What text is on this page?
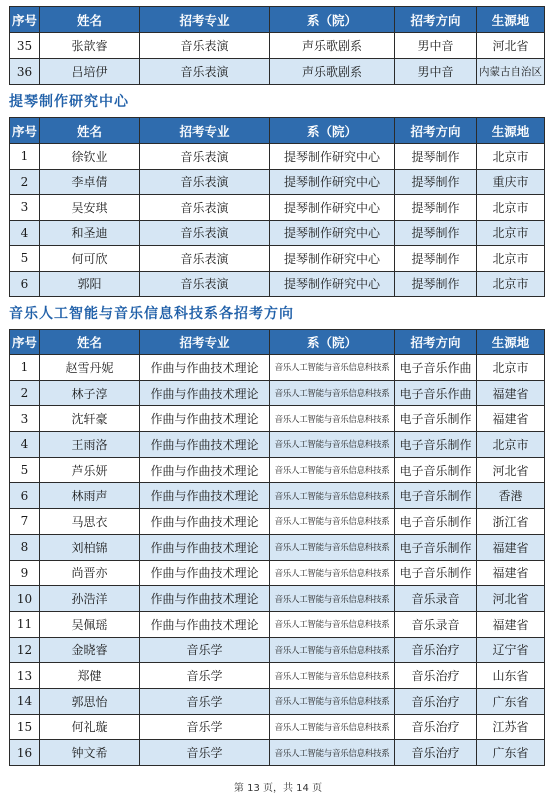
序号	姓名	招考专业	系（院）	招考方向	生源地
35	张歆睿	音乐表演	声乐歌剧系	男中音	河北省
36	吕培伊	音乐表演	声乐歌剧系	男中音	内蒙古自治区
提琴制作研究中心
序号	姓名	招考专业	系（院）	招考方向	生源地
1	徐钦业	音乐表演	提琴制作研究中心	提琴制作	北京市
2	李卓倩	音乐表演	提琴制作研究中心	提琴制作	重庆市
3	吴安琪	音乐表演	提琴制作研究中心	提琴制作	北京市
4	和圣迪	音乐表演	提琴制作研究中心	提琴制作	北京市
5	何可欣	音乐表演	提琴制作研究中心	提琴制作	北京市
6	郭阳	音乐表演	提琴制作研究中心	提琴制作	北京市
音乐人工智能与音乐信息科技系各招考方向
序号	姓名	招考专业	系（院）	招考方向	生源地
1	赵雪丹妮	作曲与作曲技术理论	音乐人工智能与音乐信息科技系	电子音乐作曲	北京市
2	林子淳	作曲与作曲技术理论	音乐人工智能与音乐信息科技系	电子音乐作曲	福建省
3	沈轩豪	作曲与作曲技术理论	音乐人工智能与音乐信息科技系	电子音乐制作	福建省
4	王雨洛	作曲与作曲技术理论	音乐人工智能与音乐信息科技系	电子音乐制作	北京市
5	芦乐妍	作曲与作曲技术理论	音乐人工智能与音乐信息科技系	电子音乐制作	河北省
6	林雨声	作曲与作曲技术理论	音乐人工智能与音乐信息科技系	电子音乐制作	香港
7	马思衣	作曲与作曲技术理论	音乐人工智能与音乐信息科技系	电子音乐制作	浙江省
8	刘柏锦	作曲与作曲技术理论	音乐人工智能与音乐信息科技系	电子音乐制作	福建省
9	尚晋亦	作曲与作曲技术理论	音乐人工智能与音乐信息科技系	电子音乐制作	福建省
10	孙浩洋	作曲与作曲技术理论	音乐人工智能与音乐信息科技系	音乐录音	河北省
11	吴佩瑶	作曲与作曲技术理论	音乐人工智能与音乐信息科技系	音乐录音	福建省
12	金晓睿	音乐学	音乐人工智能与音乐信息科技系	音乐治疗	辽宁省
13	郑健	音乐学	音乐人工智能与音乐信息科技系	音乐治疗	山东省
14	郭思怡	音乐学	音乐人工智能与音乐信息科技系	音乐治疗	广东省
15	何礼璇	音乐学	音乐人工智能与音乐信息科技系	音乐治疗	江苏省
16	钟文希	音乐学	音乐人工智能与音乐信息科技系	音乐治疗	广东省
第 13 页，共 14 页
